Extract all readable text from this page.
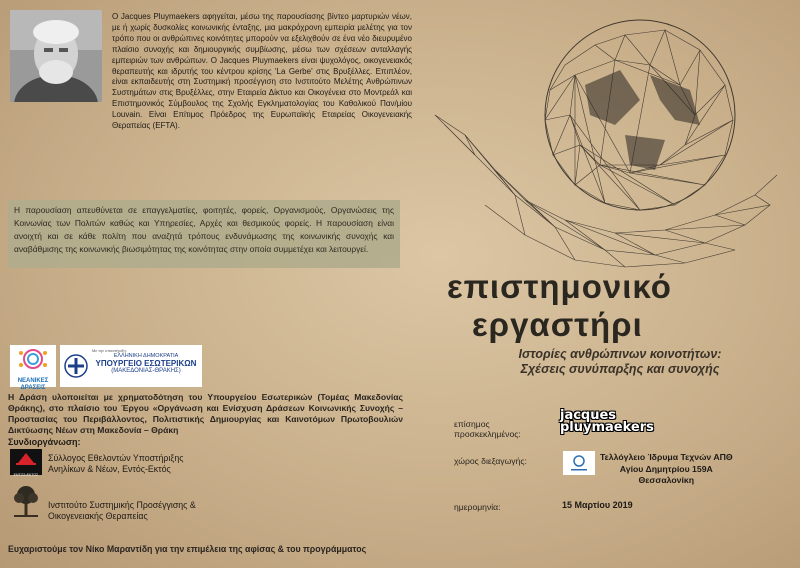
Ο Jacques Pluymaekers αφηγείται, μέσω της παρουσίασης βίντεο μαρτυριών νέων, με ή χωρίς δυσκολίες κοινωνικής ένταξης, μια μακρόχρονη εμπειρία μελέτης για τον τρόπο που οι ανθρώπινες κοινότητες μπορούν να εξελιχθούν σε ένα νέο διευρυμένο πλαίσιο συνοχής και δημιουργικής συμβίωσης, μέσω των σχέσεων ανταλλαγής εμπειριών των ανθρώπων. Ο Jacques Pluymaekers είναι ψυχολόγος, οικογενειακός θεραπευτής και ιδρυτής του κέντρου κρίσης 'La Gerbe' στις Βρυξέλλες. Επιπλέον, είναι εκπαιδευτής στη Συστημική προσέγγιση στο Ινστιτούτο Μελέτης Ανθρώπινων Συστημάτων στις Βρυξέλλες, στην Εταιρεία Δίκτυο και Οικογένεια στο Μοντρεάλ και Επιστημονικός Σύμβουλος της Σχολής Εγκληματολογίας του Καθολικού Παν/μίου Louvain. Είναι Επίτιμος Πρόεδρος της Ευρωπαϊκής Εταιρείας Οικογενειακής Θεραπείας (EFTA).
Η παρουσίαση απευθύνεται σε επαγγελματίες, φοιτητές, φορείς, Οργανισμούς, Οργανώσεις της Κοινωνίας των Πολιτών καθώς και Υπηρεσίες, Αρχές και θεσμικούς φορείς. Η παρουσίαση είναι ανοιχτή και σε κάθε πολίτη που αναζητά τρόπους ενδυνάμωσης της κοινωνικής συνοχής και αναβάθμισης της κοινωνικής βιωσιμότητας της κοινότητας στην οποία συμμετέχει και λειτουργεί.
επιστημονικό
εργαστήρι
Ιστορίες ανθρώπινων κοινοτήτων:
Σχέσεις συνύπαρξης και συνοχής
ΝΕΑΝΙΚΕΣ ΔΡΑΣΕΙΣ
Με την υποστήριξη:
ΕΛΛΗΝΙΚΗ ΔΗΜΟΚΡΑΤΙΑ
ΥΠΟΥΡΓΕΙΟ ΕΣΩΤΕΡΙΚΩΝ
(ΜΑΚΕΔΟΝΙΑΣ-ΘΡΑΚΗΣ)
Η Δράση υλοποιείται με χρηματοδότηση του Υπουργείου Εσωτερικών (Τομέας Μακεδονίας Θράκης), στο πλαίσιο του Έργου «Οργάνωση και Ενίσχυση Δράσεων Κοινωνικής Συνοχής – Προστασίας του Περιβάλλοντος, Πολιτιστικής Δημιουργίας και Καινοτόμων Πρωτοβουλιών Δικτύωσης Νέων στη Μακεδονία – Θράκη
Συνδιοργάνωση:
ΕΝΤΟΣ•ΕΚΤΟΣ
Σύλλογος Εθελοντών Υποστήριξης
Ανηλίκων & Νέων, Εντός-Εκτός
Ινστιτούτο Συστημικής Προσέγγισης &
Οικογενειακής Θεραπείας
Ευχαριστούμε τον Νίκο Μαραντίδη για την επιμέλεια της αφίσας & του προγράμματος
επίσημος
προσκεκλημένος:
jacques
pluymaekers
χώρος διεξαγωγής:	Τελλόγλειο Ίδρυμα Τεχνών ΑΠΘ
Αγίου Δημητρίου 159Α
Θεσσαλονίκη
ημερομηνία:	15 Μαρτίου 2019
